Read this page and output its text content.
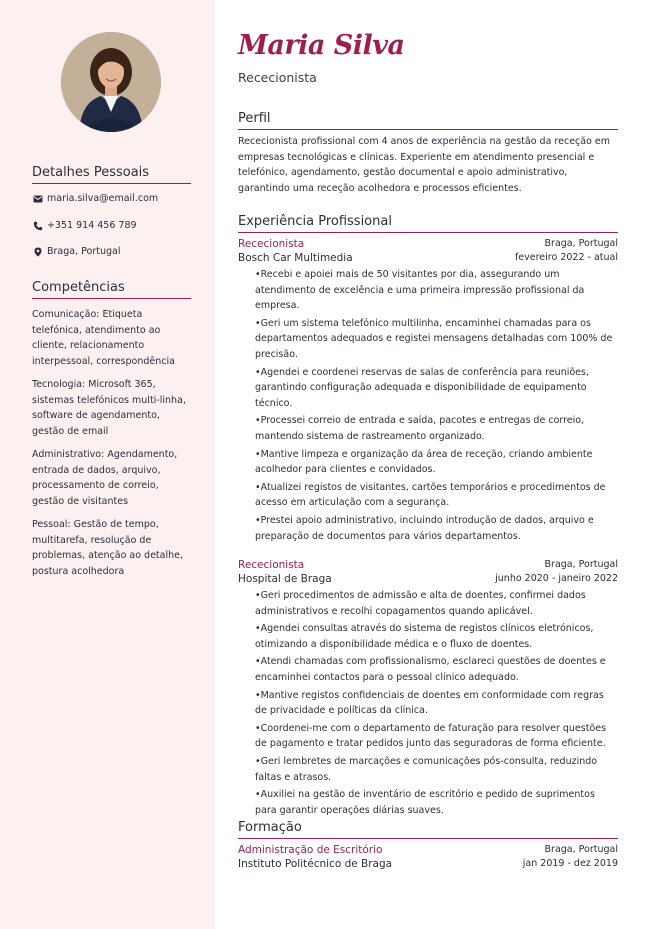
Detalhes Pessoais
maria.silva@email.com
+351 914 456 789
Braga, Portugal
Competências
Comunicação: Etiqueta telefónica, atendimento ao cliente, relacionamento interpessoal, correspondência
Tecnologia: Microsoft 365, sistemas telefónicos multi-linha, software de agendamento, gestão de email
Administrativo: Agendamento, entrada de dados, arquivo, processamento de correio, gestão de visitantes
Pessoal: Gestão de tempo, multitarefa, resolução de problemas, atenção ao detalhe, postura acolhedora
Maria Silva
Rececionista
Perfil
Rececionista profissional com 4 anos de experiência na gestão da receção em empresas tecnológicas e clínicas. Experiente em atendimento presencial e telefónico, agendamento, gestão documental e apoio administrativo, garantindo uma receção acolhedora e processos eficientes.
Experiência Profissional
Rececionista	Braga, Portugal
Bosch Car Multimedia	fevereiro 2022 - atual
• Recebi e apoiei mais de 50 visitantes por dia, assegurando um atendimento de excelência e uma primeira impressão profissional da empresa.
• Geri um sistema telefónico multilinha, encaminhei chamadas para os departamentos adequados e registei mensagens detalhadas com 100% de precisão.
• Agendei e coordenei reservas de salas de conferência para reuniões, garantindo configuração adequada e disponibilidade de equipamento técnico.
• Processei correio de entrada e saída, pacotes e entregas de correio, mantendo sistema de rastreamento organizado.
• Mantive limpeza e organização da área de receção, criando ambiente acolhedor para clientes e convidados.
• Atualizei registos de visitantes, cartões temporários e procedimentos de acesso em articulação com a segurança.
• Prestei apoio administrativo, incluindo introdução de dados, arquivo e preparação de documentos para vários departamentos.
Rececionista	Braga, Portugal
Hospital de Braga	junho 2020 - janeiro 2022
• Geri procedimentos de admissão e alta de doentes, confirmei dados administrativos e recolhi copagamentos quando aplicável.
• Agendei consultas através do sistema de registos clínicos eletrónicos, otimizando a disponibilidade médica e o fluxo de doentes.
• Atendi chamadas com profissionalismo, esclareci questões de doentes e encaminhei contactos para o pessoal clínico adequado.
• Mantive registos confidenciais de doentes em conformidade com regras de privacidade e políticas da clínica.
• Coordenei-me com o departamento de faturação para resolver questões de pagamento e tratar pedidos junto das seguradoras de forma eficiente.
• Geri lembretes de marcações e comunicações pós-consulta, reduzindo faltas e atrasos.
• Auxiliei na gestão de inventário de escritório e pedido de suprimentos para garantir operações diárias suaves.
Formação
Administração de Escritório	Braga, Portugal
Instituto Politécnico de Braga	jan 2019 - dez 2019
